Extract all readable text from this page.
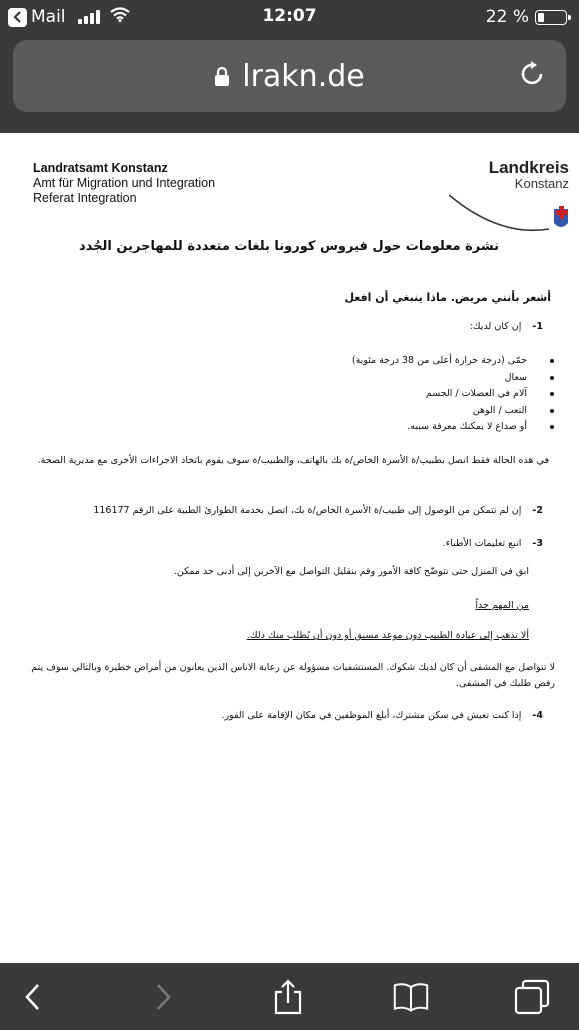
Mail	12:07	22 %
lrakn.de
Landratsamt Konstanz
Amt für Migration und Integration
Referat Integration
Landkreis
Konstanz
نشرة معلومات حول فيروس كورونا بلغات متعددة للمهاجرين الجُدد
أشعر بأنني مريض. ماذا ينبغي أن افعل
1- إن كان لديك:
حمّى (درجة حرارة أعلى من 38 درجة مئوية)
سعال
آلام في العضلات / الجسم
التعب / الوهن
أو صداع لا يمكنك معرفة سببه.
في هذه الحالة فقط اتصل بطبيب/ة الأسرة الخاص/ة بك بالهاتف، والطبيب/ة سوف يقوم باتخاذ الاجراءات الأخرى مع مديرية الصحة.
2- إن لم تتمكن من الوصول إلى طبيب/ة الأسرة الخاص/ة بك، اتصل بخدمة الطوارئ الطبية على الرقم 116177
3- اتبع تعليمات الأطباء.
ابق في المنزل حتى تتوضّح كافة الأمور وقم بتقليل التواصل مع الآخرين إلى أدنى حد ممكن.
من المهم جداً
ألا تذهب إلى عيادة الطبيب دون موعد مسبق أو دون أن يُطلب منك ذلك.
لا تتواصل مع المشفى أن كان لديك شكوك. المستشفيات مسؤولة عن رعاية الاناس الذين يعانون من أمراض خطيرة وبالتالي سوف يتم رفض طلبك في المشفى.
4- إذا كنت تعيش في سكن مشترك، أبلغ الموظفين في مكان الإقامة على الفور.
